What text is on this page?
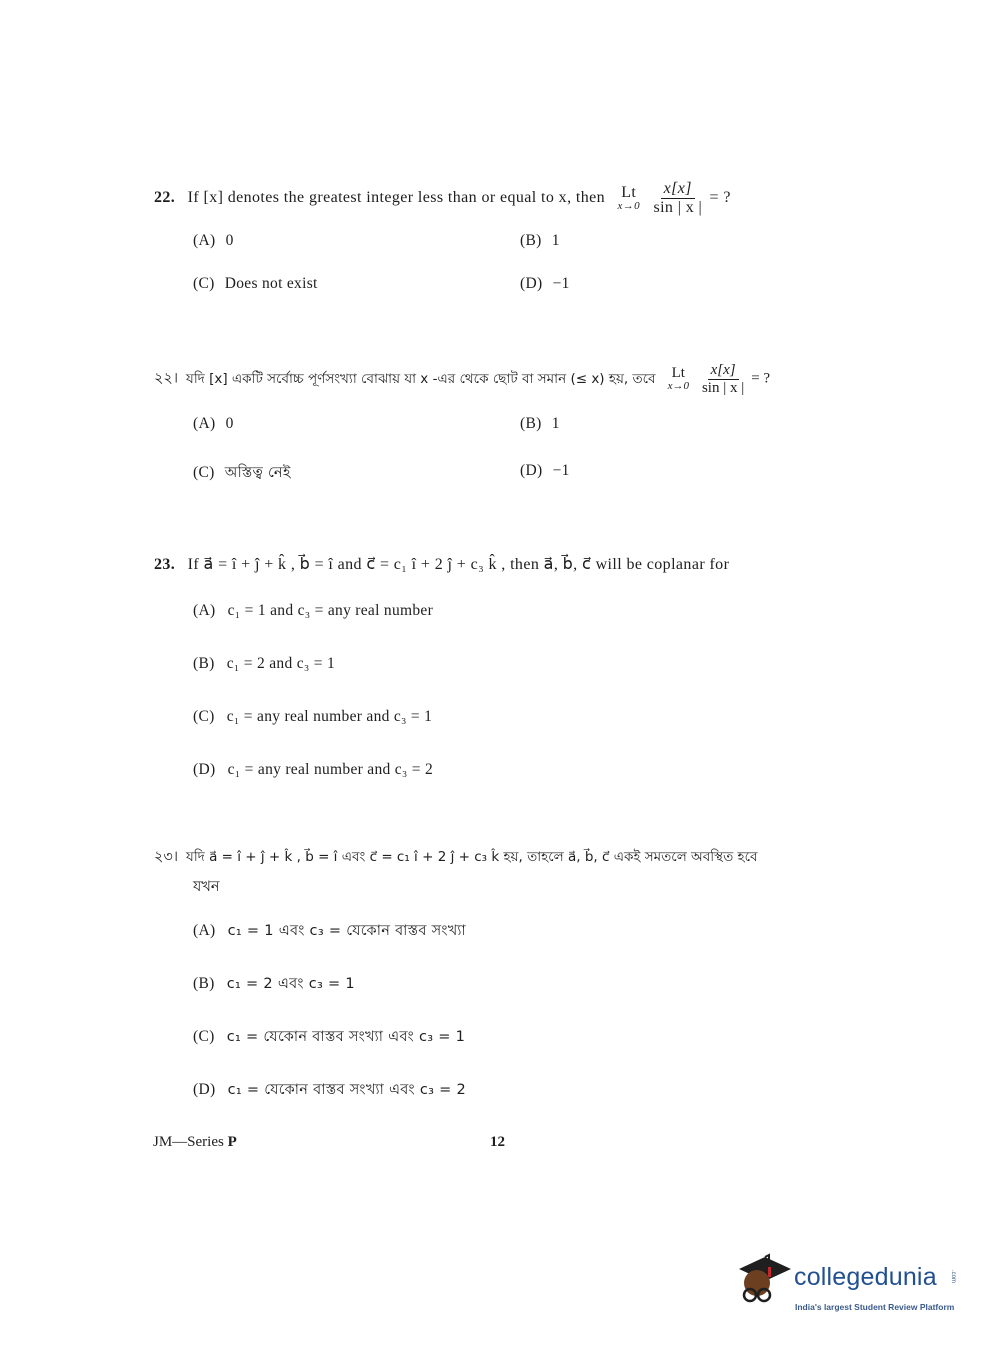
22. If [x] denotes the greatest integer less than or equal to x, then Lt
x→0
$\frac{x[x]}{\sin | x |}$ = ?
(A) 0	(B) 1
(C) Does not exist	(D) −1
২২। যদি [x] একটি সর্বোচ্চ পূর্ণসংখ্যা বোঝায় যা x -এর থেকে ছোট বা সমান (≤ x) হয়, তবে Lt
x→0
$\frac{x[x]}{\sin | x |}$ = ?
(A) 0	(B) 1
(C) অস্তিত্ব নেই	(D) −1
23. If a⃗ = î + ĵ + k̂ , b⃗ = î and c⃗ = c₁ î + 2 ĵ + c₃ k̂ , then a⃗, b⃗, c⃗ will be coplanar for
(A) c₁ = 1 and c₃ = any real number
(B) c₁ = 2 and c₃ = 1
(C) c₁ = any real number and c₃ = 1
(D) c₁ = any real number and c₃ = 2
২৩। যদি a⃗ = î + ĵ + k̂ , b⃗ = î এবং c⃗ = c₁ î + 2 ĵ + c₃ k̂ হয়, তাহলে a⃗, b⃗, c⃗ একই সমতলে অবস্থিত হবে
যখন
(A) c₁ = 1 এবং c₃ = যেকোন বাস্তব সংখ্যা
(B) c₁ = 2 এবং c₃ = 1
(C) c₁ = যেকোন বাস্তব সংখ্যা এবং c₃ = 1
(D) c₁ = যেকোন বাস্তব সংখ্যা এবং c₃ = 2
JM—Series P	12
collegedunia .com
India's largest Student Review Platform
